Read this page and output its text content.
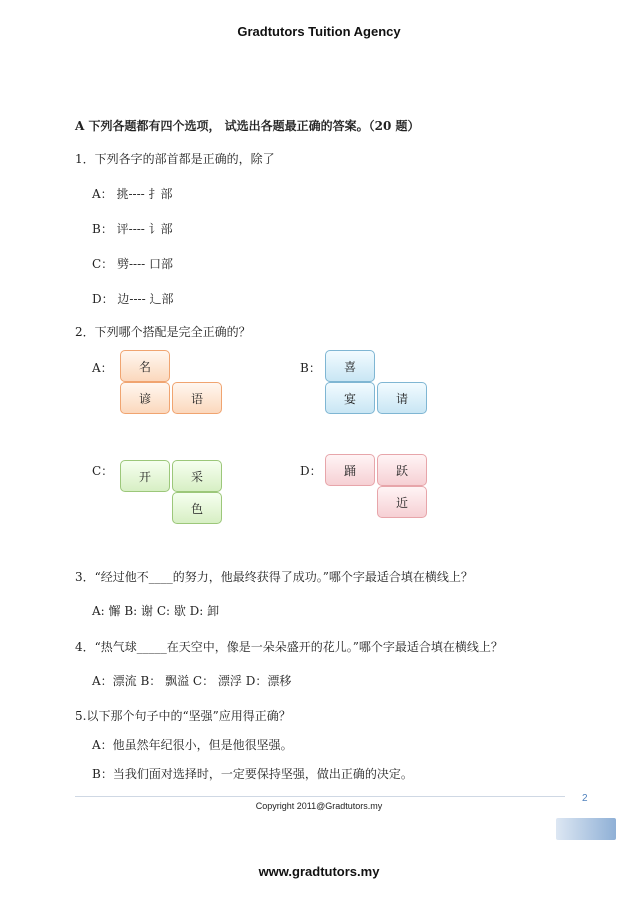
Gradtutors Tuition Agency
A 下列各题都有四个选项， 试选出各题最正确的答案。（20 题）
1．下列各字的部首都是正确的，除了
A： 挑---- 扌部
B： 评---- 讠部
C： 劈---- 口部
D： 边---- 辶部
2．下列哪个搭配是完全正确的？
A：	名
谚	语
B：	喜
宴	请
C：	开	采
色
D：	踊	跃
近
3．“经过他不____的努力，他最终获得了成功。”哪个字最适合填在横线上？
A: 懈 B: 谢 C: 歇 D: 卸
4．“热气球_____在天空中，像是一朵朵盛开的花儿。”哪个字最适合填在横线上？
A：漂流 B： 飘溢 C： 漂浮 D：漂移
5.以下那个句子中的“坚强”应用得正确？
A：他虽然年纪很小，但是他很坚强。
B：当我们面对选择时，一定要保持坚强，做出正确的决定。
Copyright 2011@Gradtutors.my
2
www.gradtutors.my
